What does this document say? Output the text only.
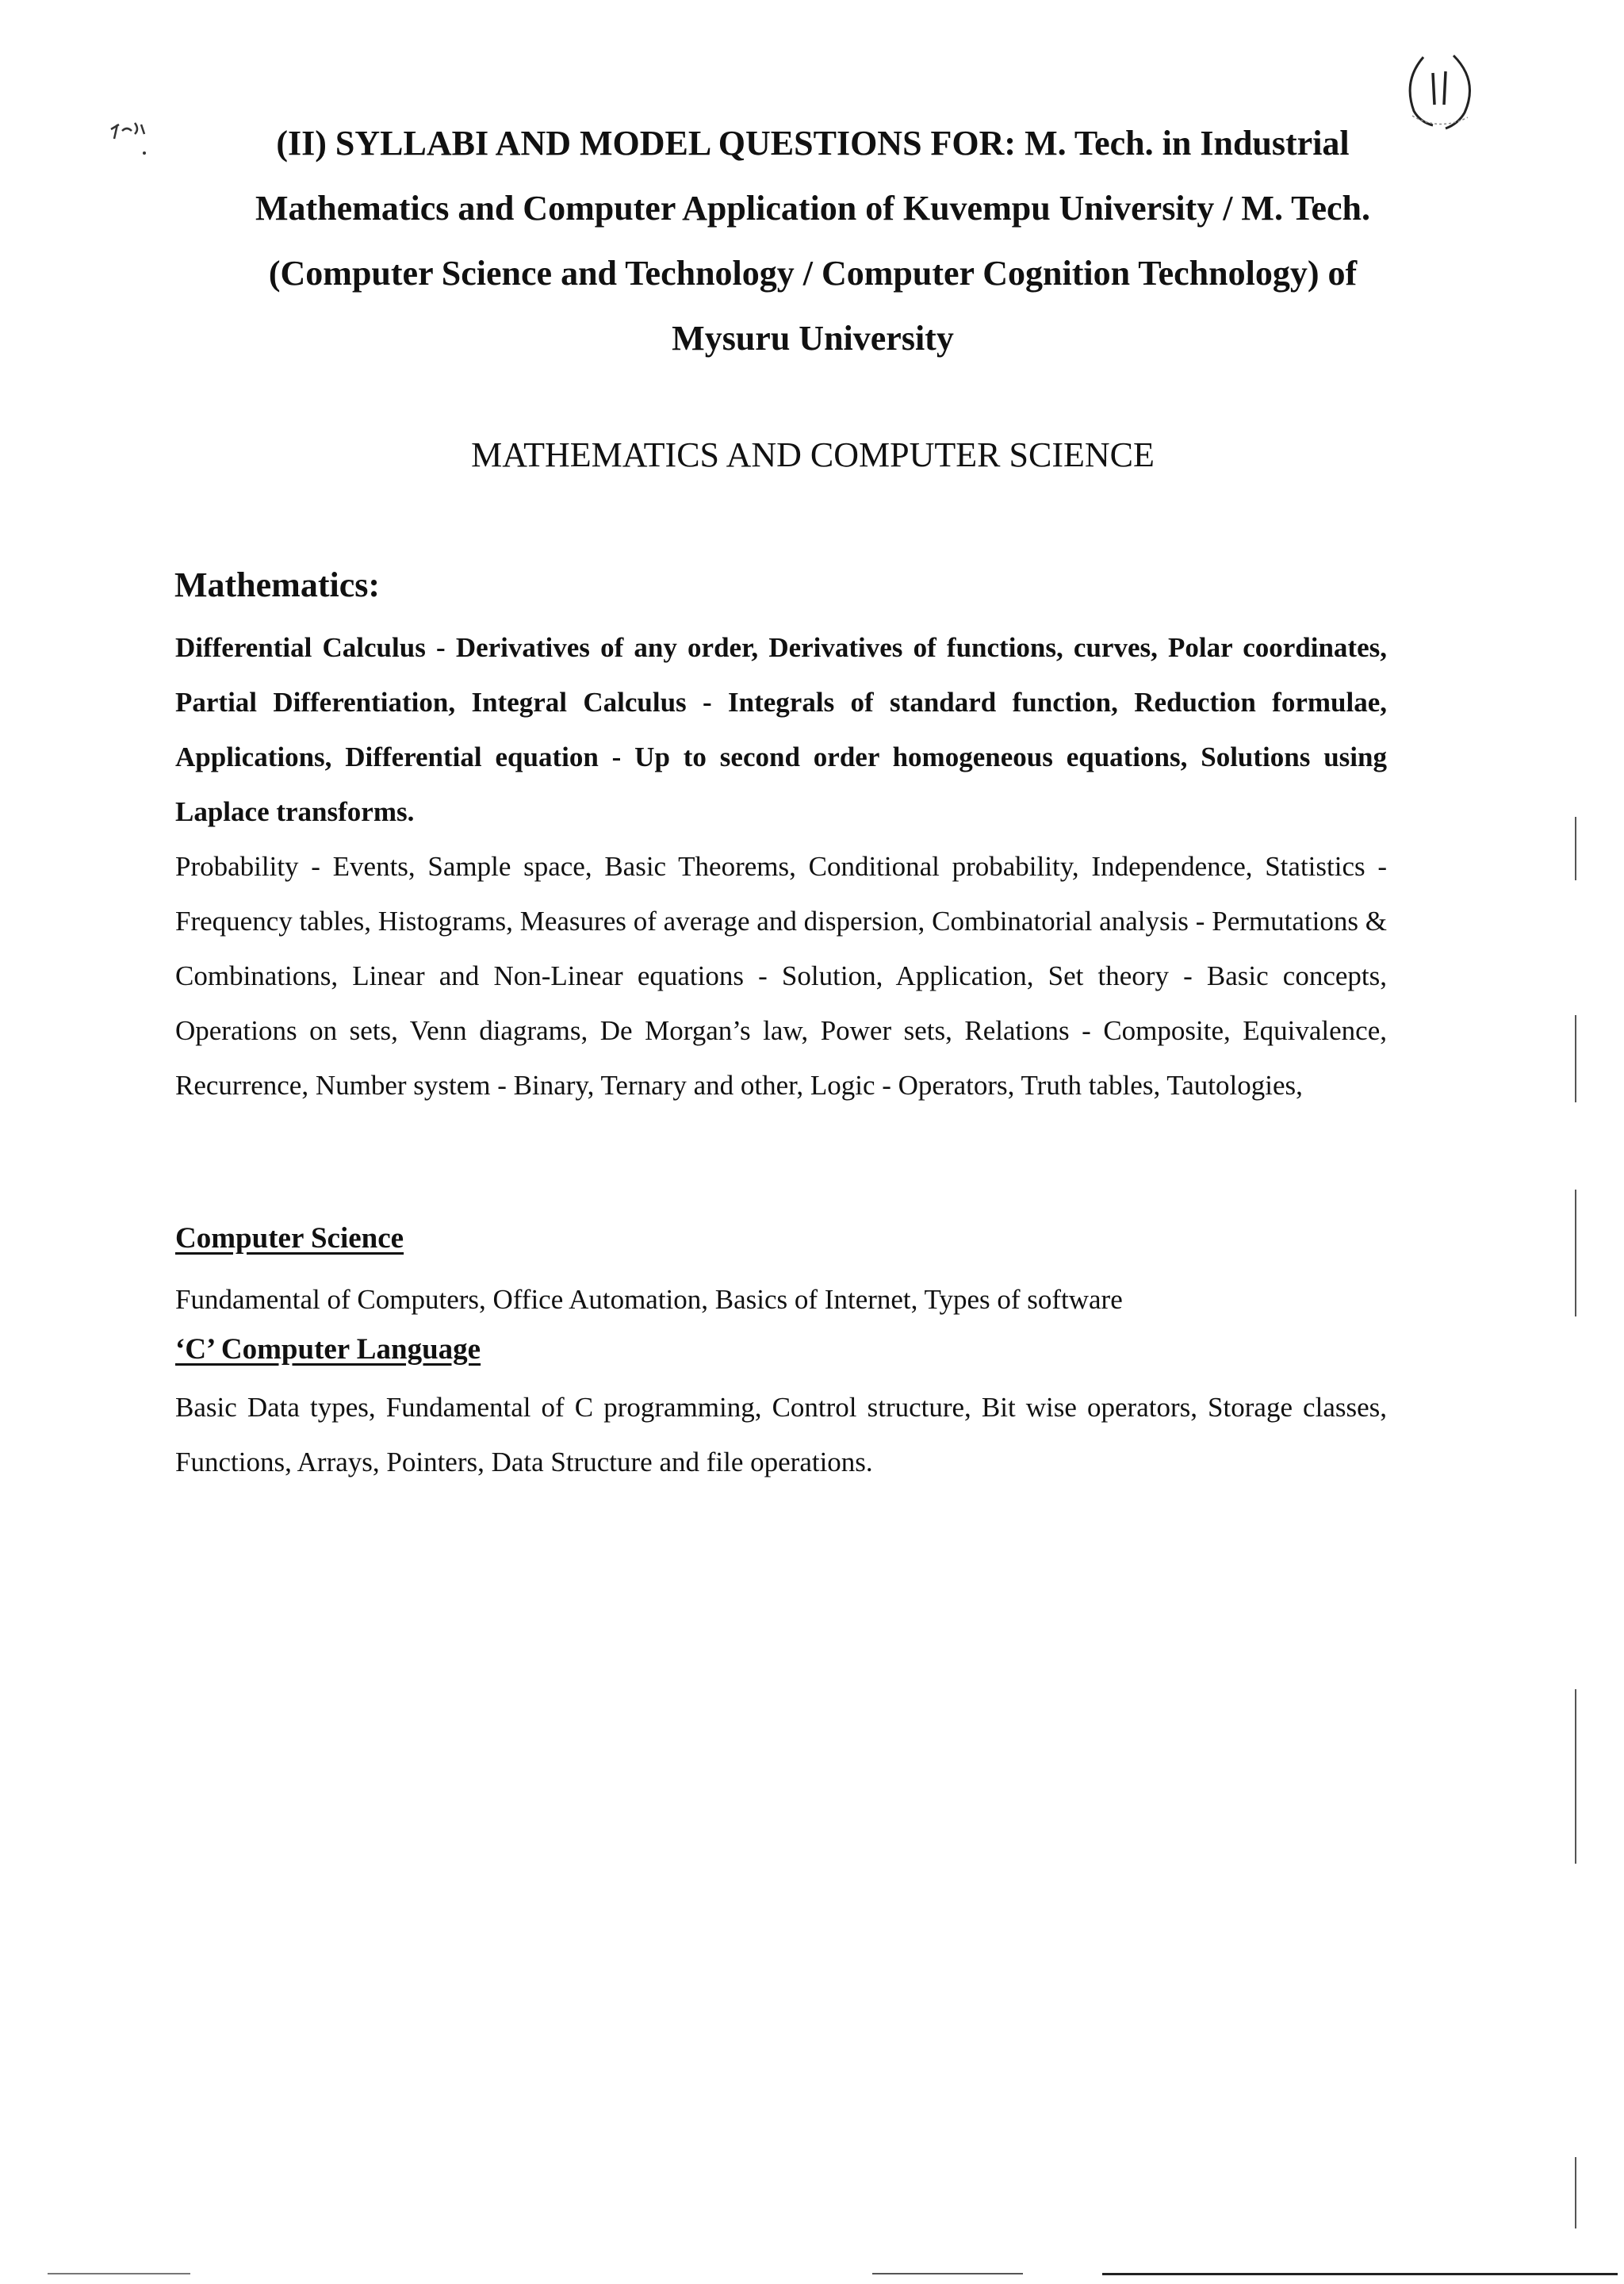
(II) SYLLABI AND MODEL QUESTIONS FOR: M. Tech. in Industrial
Mathematics and Computer Application of Kuvempu University / M. Tech.
(Computer Science and Technology / Computer Cognition Technology) of
Mysuru University
MATHEMATICS AND COMPUTER SCIENCE
Mathematics:
Differential Calculus - Derivatives of any order, Derivatives of functions, curves, Polar coordinates, Partial Differentiation, Integral Calculus - Integrals of standard function, Reduction formulae, Applications, Differential equation - Up to second order homogeneous equations, Solutions using Laplace transforms.
Probability - Events, Sample space, Basic Theorems, Conditional probability, Independence, Statistics - Frequency tables, Histograms, Measures of average and dispersion, Combinatorial analysis - Permutations & Combinations, Linear and Non-Linear equations - Solution, Application, Set theory - Basic concepts, Operations on sets, Venn diagrams, De Morgan’s law, Power sets, Relations - Composite, Equivalence, Recurrence, Number system - Binary, Ternary and other, Logic - Operators, Truth tables, Tautologies,
Computer Science
Fundamental of Computers, Office Automation, Basics of Internet, Types of software
‘C’ Computer Language
Basic Data types, Fundamental of C programming, Control structure, Bit wise operators, Storage classes, Functions, Arrays, Pointers, Data Structure and file operations.
